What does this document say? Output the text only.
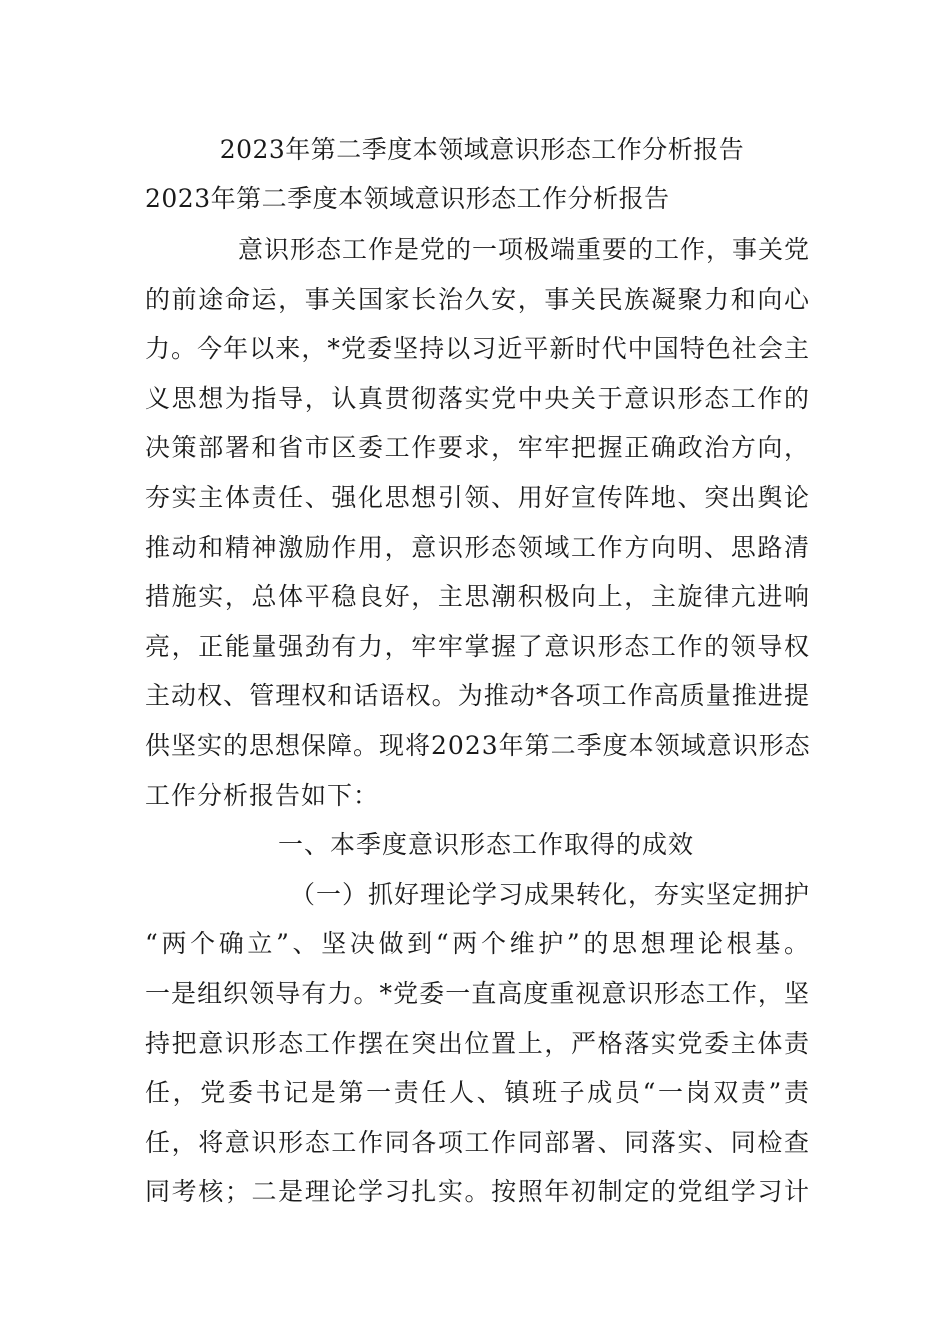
2023年第二季度本领域意识形态工作分析报告
2023年第二季度本领域意识形态工作分析报告
意识形态工作是党的一项极端重要的工作，事关党
的前途命运，事关国家长治久安，事关民族凝聚力和向心
力。今年以来，*党委坚持以习近平新时代中国特色社会主
义思想为指导，认真贯彻落实党中央关于意识形态工作的
决策部署和省市区委工作要求，牢牢把握正确政治方向，
夯实主体责任、强化思想引领、用好宣传阵地、突出舆论
推动和精神激励作用，意识形态领域工作方向明、思路清
措施实，总体平稳良好，主思潮积极向上，主旋律亢进响
亮，正能量强劲有力，牢牢掌握了意识形态工作的领导权
主动权、管理权和话语权。为推动*各项工作高质量推进提
供坚实的思想保障。现将2023年第二季度本领域意识形态
工作分析报告如下：
一、本季度意识形态工作取得的成效
（一）抓好理论学习成果转化，夯实坚定拥护
“两个确立”、坚决做到“两个维护”的思想理论根基。
一是组织领导有力。*党委一直高度重视意识形态工作，坚
持把意识形态工作摆在突出位置上，严格落实党委主体责
任，党委书记是第一责任人、镇班子成员“一岗双责”责
任，将意识形态工作同各项工作同部署、同落实、同检查
同考核；二是理论学习扎实。按照年初制定的党组学习计
